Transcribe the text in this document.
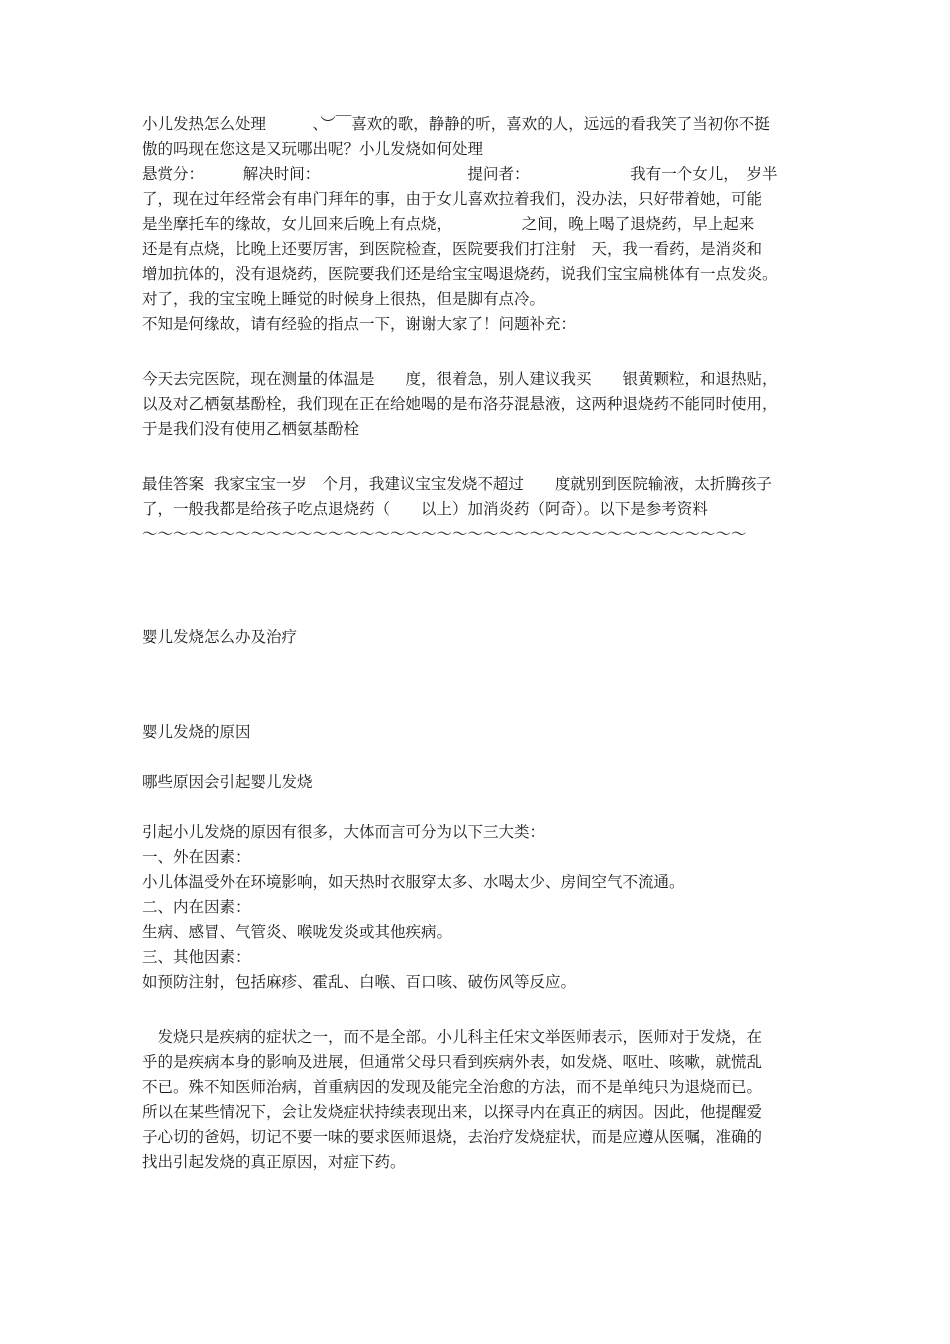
小儿发热怎么处理　　　、︶￣喜欢的歌，静静的听，喜欢的人，远远的看我笑了当初你不挺
傲的吗现在您这是又玩哪出呢？小儿发烧如何处理
悬赏分：　　　解决时间：　　　　　　　　　　提问者：　　　　　　　我有一个女儿，　岁半
了，现在过年经常会有串门拜年的事，由于女儿喜欢拉着我们，没办法，只好带着她，可能
是坐摩托车的缘故，女儿回来后晚上有点烧，　　　　　之间，晚上喝了退烧药，早上起来
还是有点烧，比晚上还要厉害，到医院检查，医院要我们打注射　天，我一看药，是消炎和
增加抗体的，没有退烧药，医院要我们还是给宝宝喝退烧药，说我们宝宝扁桃体有一点发炎。
对了，我的宝宝晚上睡觉的时候身上很热，但是脚有点冷。
不知是何缘故，请有经验的指点一下，谢谢大家了！问题补充：
今天去完医院，现在测量的体温是　　度，很着急，别人建议我买　　银黄颗粒，和退热贴，
以及对乙栖氨基酚栓，我们现在正在给她喝的是布洛芬混悬液，这两种退烧药不能同时使用，
于是我们没有使用乙栖氨基酚栓
最佳答案  我家宝宝一岁　个月，我建议宝宝发烧不超过　　度就别到医院输液，太折腾孩子
了，一般我都是给孩子吃点退烧药（　　以上）加消炎药（阿奇）。以下是参考资料
～～～～～～～～～～～～～～～～～～～～～～～～～～～～～～～～～～～～～～～

婴儿发烧怎么办及治疗

婴儿发烧的原因

哪些原因会引起婴儿发烧

引起小儿发烧的原因有很多，大体而言可分为以下三大类：
一、外在因素：
小儿体温受外在环境影响，如天热时衣服穿太多、水喝太少、房间空气不流通。
二、内在因素：
生病、感冒、气管炎、喉咙发炎或其他疾病。
三、其他因素：
如预防注射，包括麻疹、霍乱、白喉、百口咳、破伤风等反应。
　发烧只是疾病的症状之一，而不是全部。小儿科主任宋文举医师表示，医师对于发烧，在
乎的是疾病本身的影响及进展，但通常父母只看到疾病外表，如发烧、呕吐、咳嗽，就慌乱
不已。殊不知医师治病，首重病因的发现及能完全治愈的方法，而不是单纯只为退烧而已。
所以在某些情况下，会让发烧症状持续表现出来，以探寻内在真正的病因。因此，他提醒爱
子心切的爸妈，切记不要一味的要求医师退烧，去治疗发烧症状，而是应遵从医嘱，准确的
找出引起发烧的真正原因，对症下药。
